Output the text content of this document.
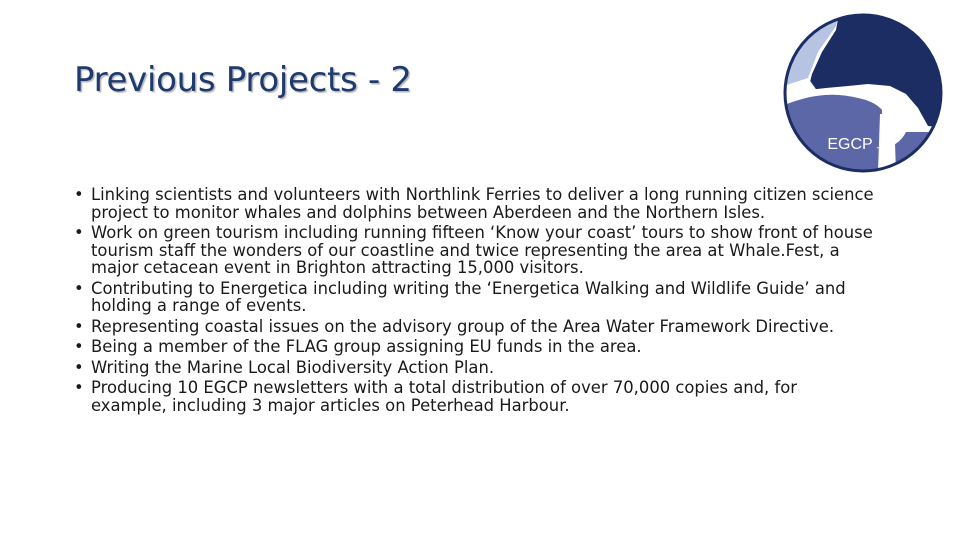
Previous Projects - 2
EGCP
• Linking scientists and volunteers with Northlink Ferries to deliver a long running citizen science project to monitor whales and dolphins between Aberdeen and the Northern Isles.
• Work on green tourism including running fifteen ‘Know your coast’ tours to show front of house tourism staff the wonders of our coastline and twice representing the area at Whale.Fest, a major cetacean event in Brighton attracting 15,000 visitors.
• Contributing to Energetica including writing the ‘Energetica Walking and Wildlife Guide’ and holding a range of events.
• Representing coastal issues on the advisory group of the Area Water Framework Directive.
• Being a member of the FLAG group assigning EU funds in the area.
• Writing the Marine Local Biodiversity Action Plan.
• Producing 10 EGCP newsletters with a total distribution of over 70,000 copies and, for example, including 3 major articles on Peterhead Harbour.
